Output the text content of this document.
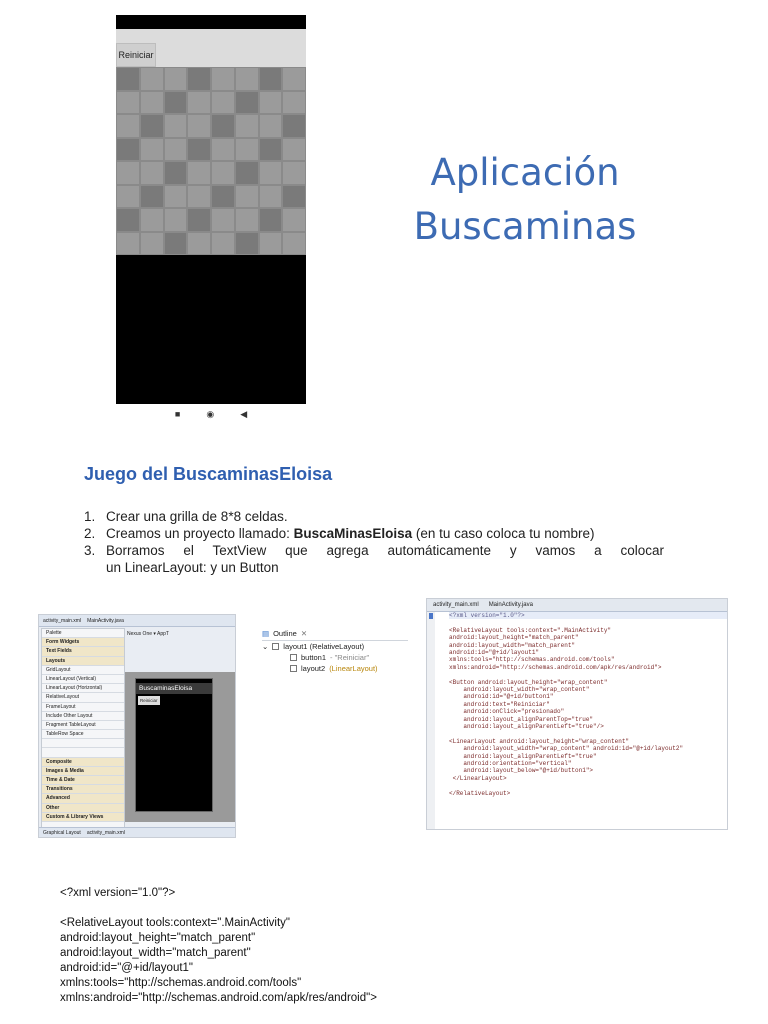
Reiniciar
■	◉	◀
Aplicación
Buscaminas
Juego del BuscaminasEloisa
1. Crear una grilla de 8*8 celdas.
2. Creamos un proyecto llamado: BuscaMinasEloisa (en tu caso coloca tu nombre)
3. Borramos el TextView que agrega automáticamente y vamos a colocar
un LinearLayout: y un Button
activity_main.xml MainActivity.java
Palette
Form Widgets
Text Fields
Layouts
GridLayout
LinearLayout (Vertical)
LinearLayout (Horizontal)
RelativeLayout
FrameLayout
Include Other Layout
Fragment TableLayout
TableRow Space
Composite
Images & Media
Time & Date
Transitions
Advanced
Other
Custom & Library Views
Nexus One ▾ AppT
BuscaminasEloisa
Reiniciar
Graphical Layout activity_main.xml
▤ Outline ✕
⌄ layout1 (RelativeLayout)
button1 - "Reiniciar"
layout2 (LinearLayout)
activity_main.xml MainActivity.java
<?xml version="1.0"?>
<RelativeLayout tools:context=".MainActivity"
android:layout_height="match_parent"
android:layout_width="match_parent"
android:id="@+id/layout1"
xmlns:tools="http://schemas.android.com/tools"
xmlns:android="http://schemas.android.com/apk/res/android">
<Button android:layout_height="wrap_content"
android:layout_width="wrap_content"
android:id="@+id/button1"
android:text="Reiniciar"
android:onClick="presionado"
android:layout_alignParentTop="true"
android:layout_alignParentLeft="true"/>
<LinearLayout android:layout_height="wrap_content"
android:layout_width="wrap_content" android:id="@+id/layout2"
android:layout_alignParentLeft="true"
android:orientation="vertical"
android:layout_below="@+id/button1">
</LinearLayout>
</RelativeLayout>
<?xml version="1.0"?>
<RelativeLayout tools:context=".MainActivity"
android:layout_height="match_parent"
android:layout_width="match_parent"
android:id="@+id/layout1"
xmlns:tools="http://schemas.android.com/tools"
xmlns:android="http://schemas.android.com/apk/res/android">
